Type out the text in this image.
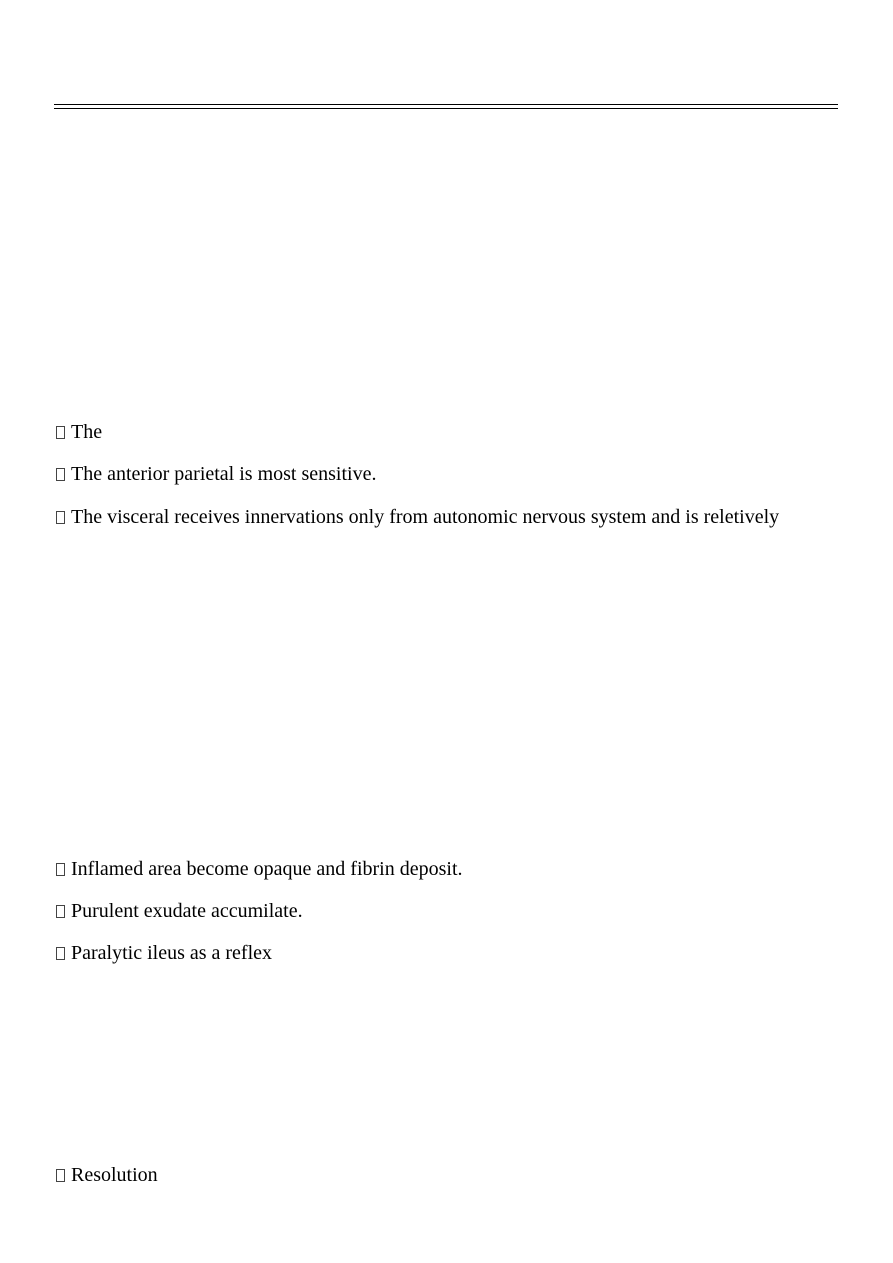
The
The anterior parietal is most sensitive.
The visceral receives innervations only from autonomic nervous system and is reletively
Inflamed area become opaque and fibrin deposit.
Purulent exudate accumilate.
Paralytic ileus as a reflex
Resolution
